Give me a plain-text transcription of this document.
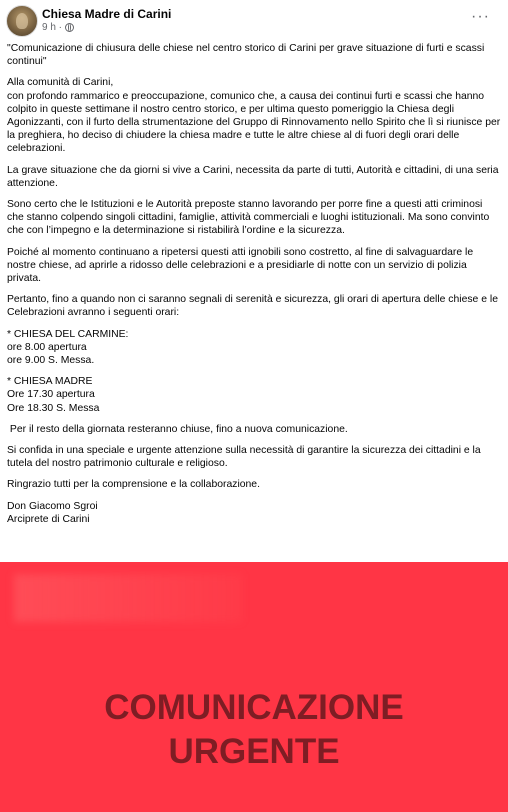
Chiesa Madre di Carini
9 h ·
···

"Comunicazione di chiusura delle chiese nel centro storico di Carini per grave situazione di furti e scassi continui"

Alla comunità di Carini,
con profondo rammarico e preoccupazione, comunico che, a causa dei continui furti e scassi che hanno colpito in queste settimane il nostro centro storico, e per ultima questo pomeriggio la Chiesa degli Agonizzanti, con il furto della strumentazione del Gruppo di Rinnovamento nello Spirito che lì si riunisce per la preghiera, ho deciso di chiudere la chiesa madre e tutte le altre chiese al di fuori degli orari delle celebrazioni.

La grave situazione che da giorni si vive a Carini, necessita da parte di tutti, Autorità e cittadini, di una seria attenzione.

Sono certo che le Istituzioni e le Autorità preposte stanno lavorando per porre fine a questi atti criminosi che stanno colpendo singoli cittadini, famiglie, attività commerciali e luoghi istituzionali. Ma sono convinto che con l’impegno e la determinazione si ristabilirà l’ordine e la sicurezza.

Poiché al momento continuano a ripetersi questi atti ignobili sono costretto, al fine di salvaguardare le nostre chiese, ad aprirle a ridosso delle celebrazioni e a presidiarle di notte con un servizio di polizia privata.

Pertanto, fino a quando non ci saranno segnali di serenità e sicurezza, gli orari di apertura delle chiese e le Celebrazioni avranno i seguenti orari:

* CHIESA DEL CARMINE:
ore 8.00 apertura
ore 9.00 S. Messa.

* CHIESA MADRE
Ore 17.30 apertura
Ore 18.30 S. Messa

Per il resto della giornata resteranno chiuse, fino a nuova comunicazione.

Si confida in una speciale e urgente attenzione sulla necessità di garantire la sicurezza dei cittadini e la tutela del nostro patrimonio culturale e religioso.

Ringrazio tutti per la comprensione e la collaborazione.

Don Giacomo Sgroi
Arciprete di Carini

COMUNICAZIONE
URGENTE
